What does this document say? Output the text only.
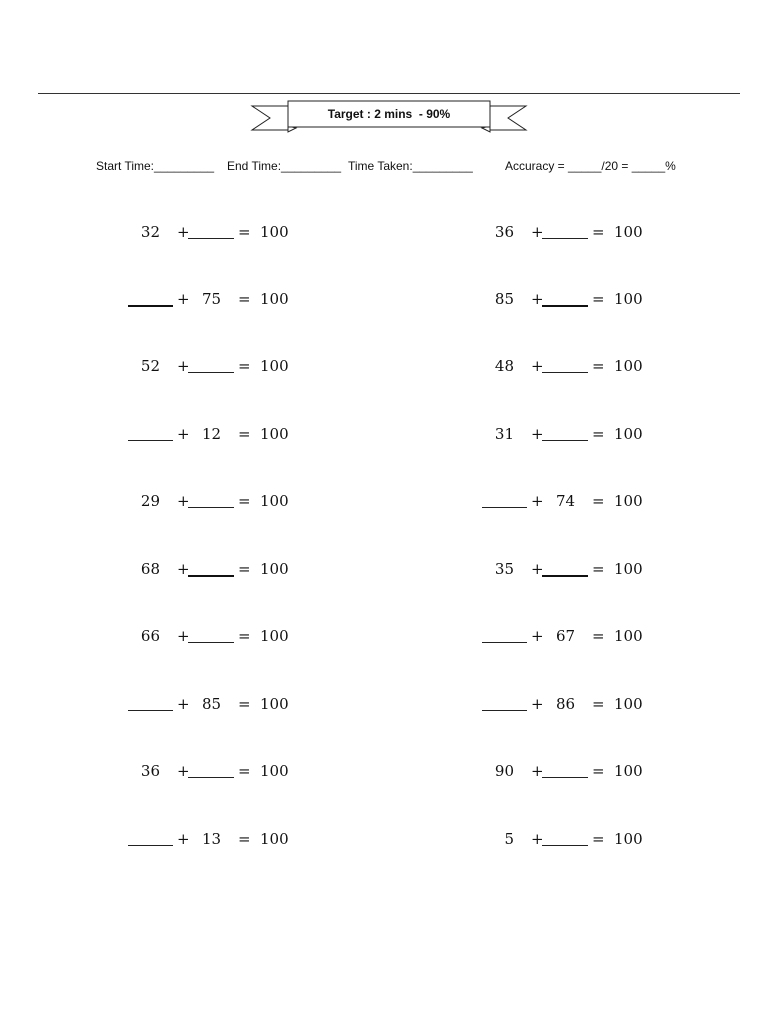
Target : 2 mins  - 90%
Start Time:_________ End Time:_________ Time Taken:_________	Accuracy = _____/20 = _____%
32 +	= 100
+ 75 = 100
52 +	= 100
+ 12 = 100
29 +	= 100
68 +	= 100
66 +	= 100
+ 85 = 100
36 +	= 100
+ 13 = 100
36 +	= 100
85 +	= 100
48 +	= 100
31 +	= 100
+ 74 = 100
35 +	= 100
+ 67 = 100
+ 86 = 100
90 +	= 100
5 +	= 100
